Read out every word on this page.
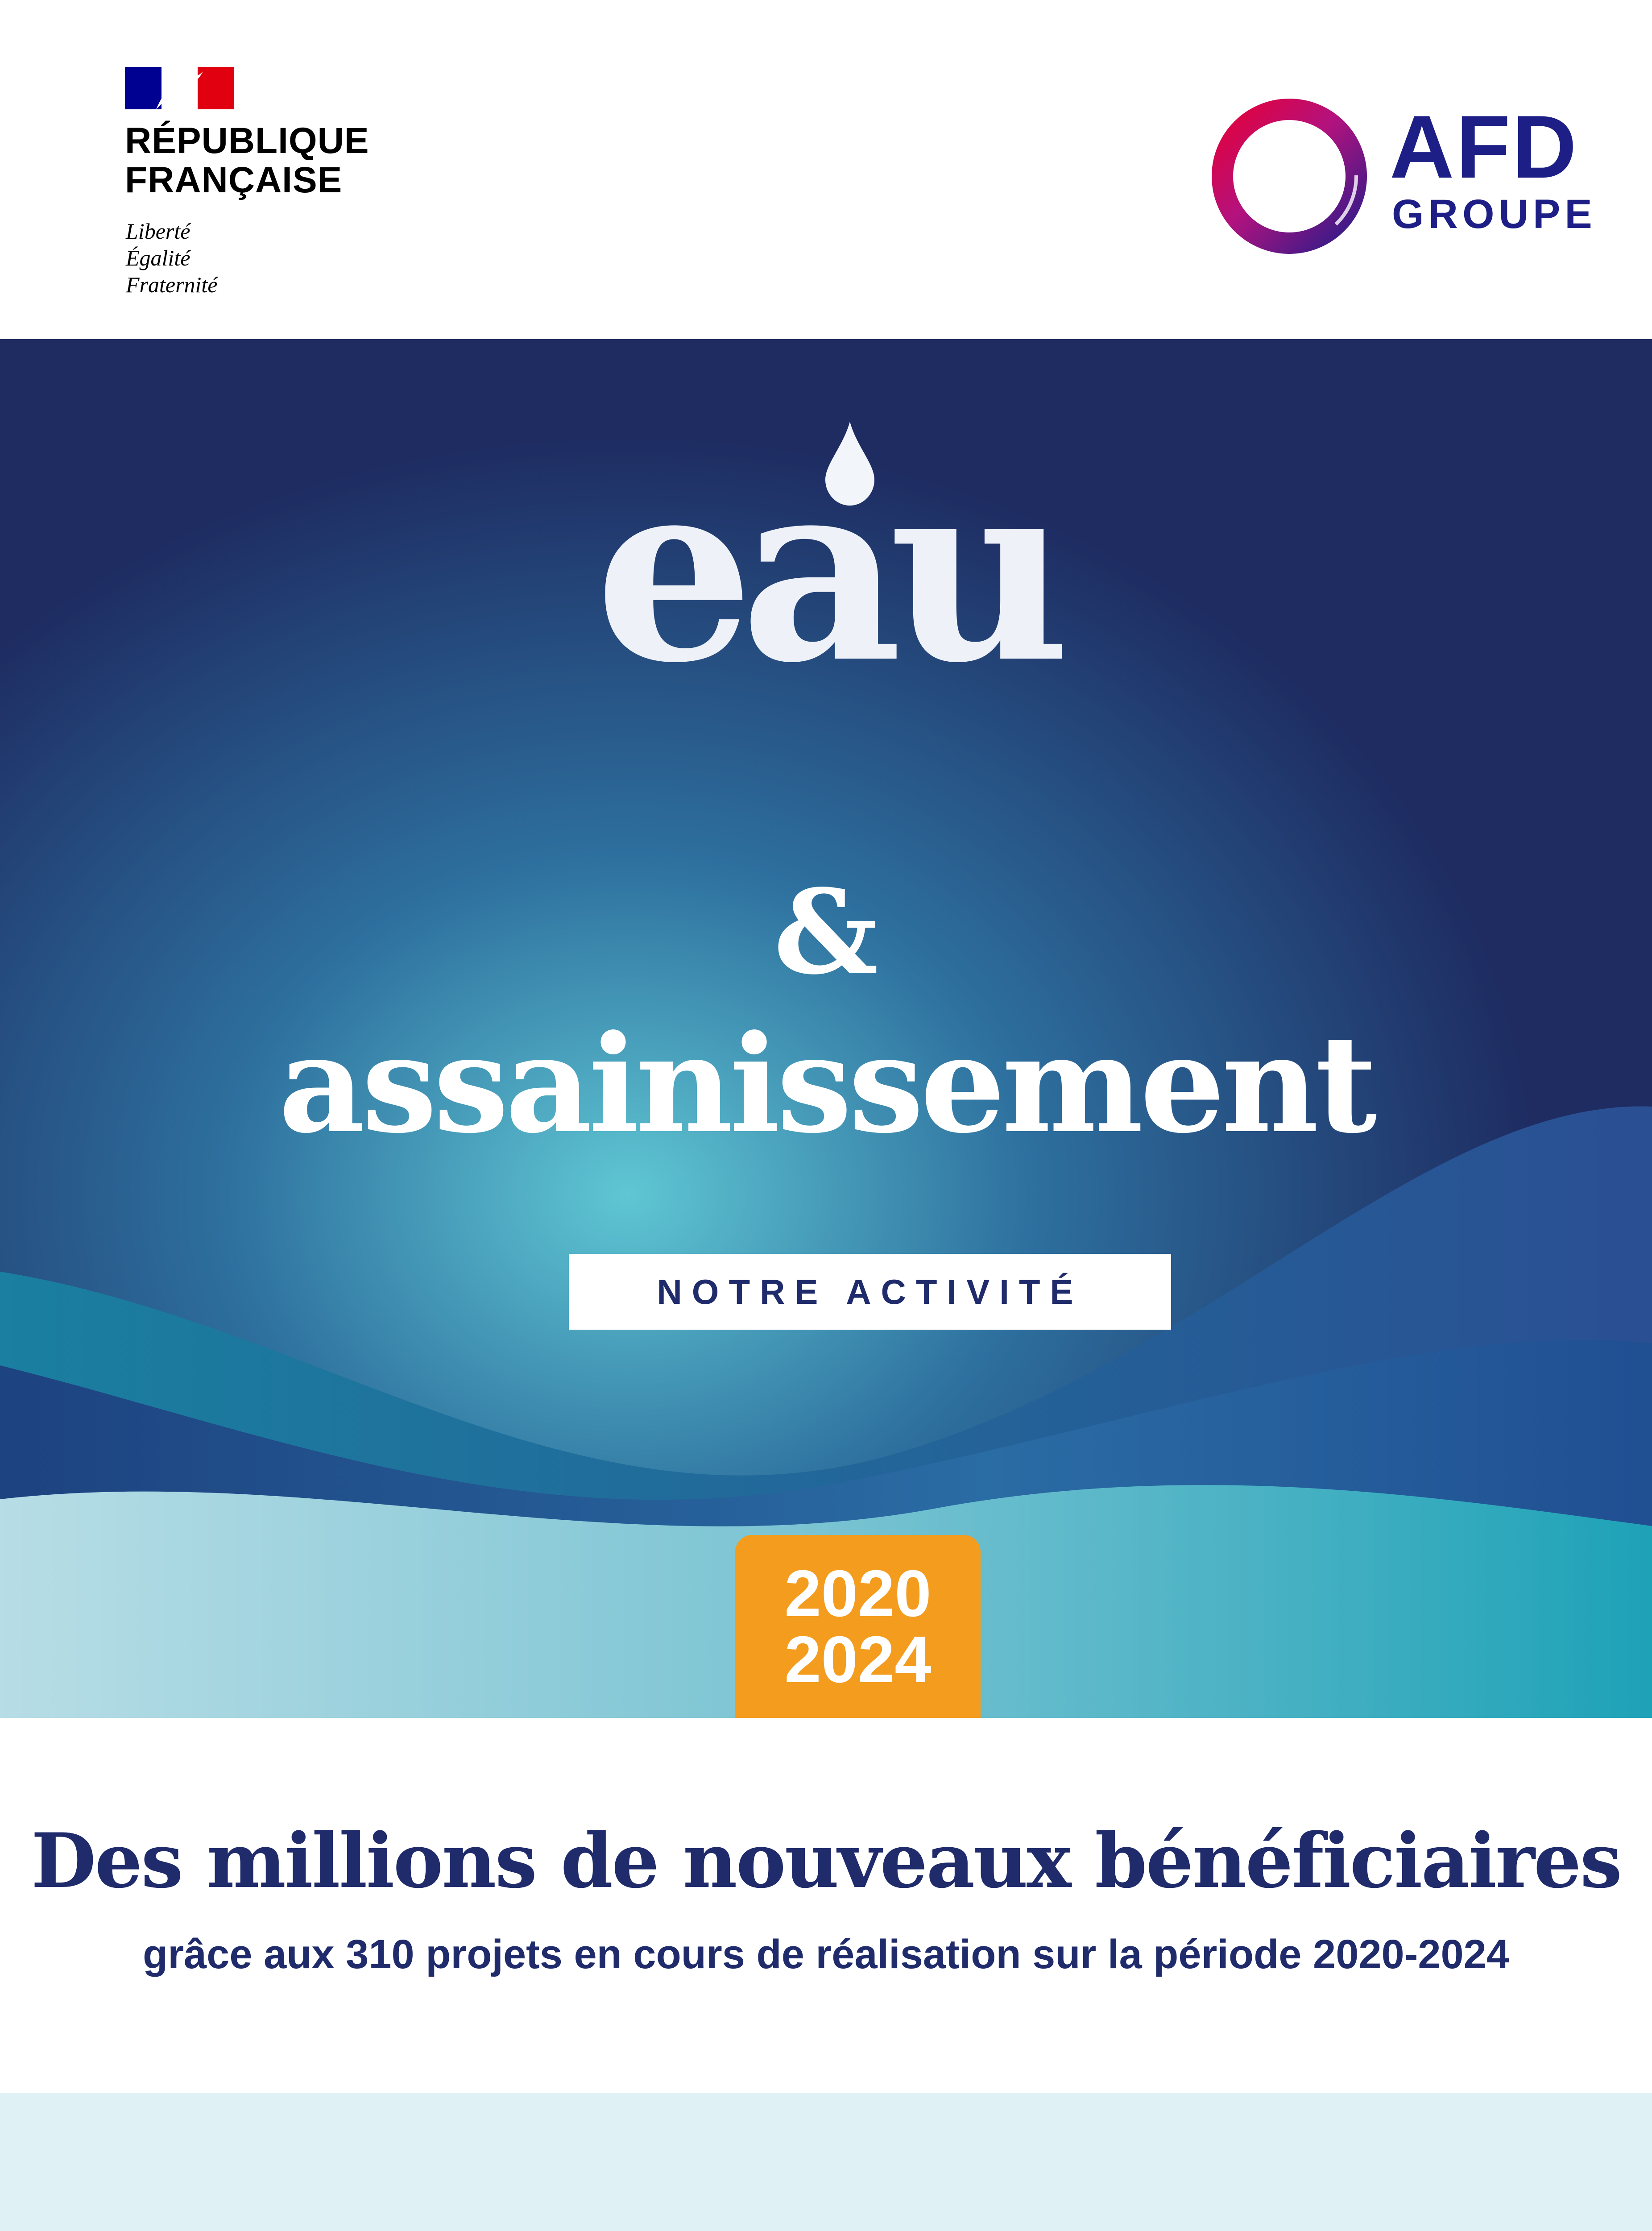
RÉPUBLIQUE
FRANÇAISE
Liberté
Égalité
Fraternité
AFD
GROUPE
eau
&
assainissement
NOTRE ACTIVITÉ
2020
2024
Des millions de nouveaux bénéficiaires
grâce aux 310 projets en cours de réalisation sur la période 2020-2024
